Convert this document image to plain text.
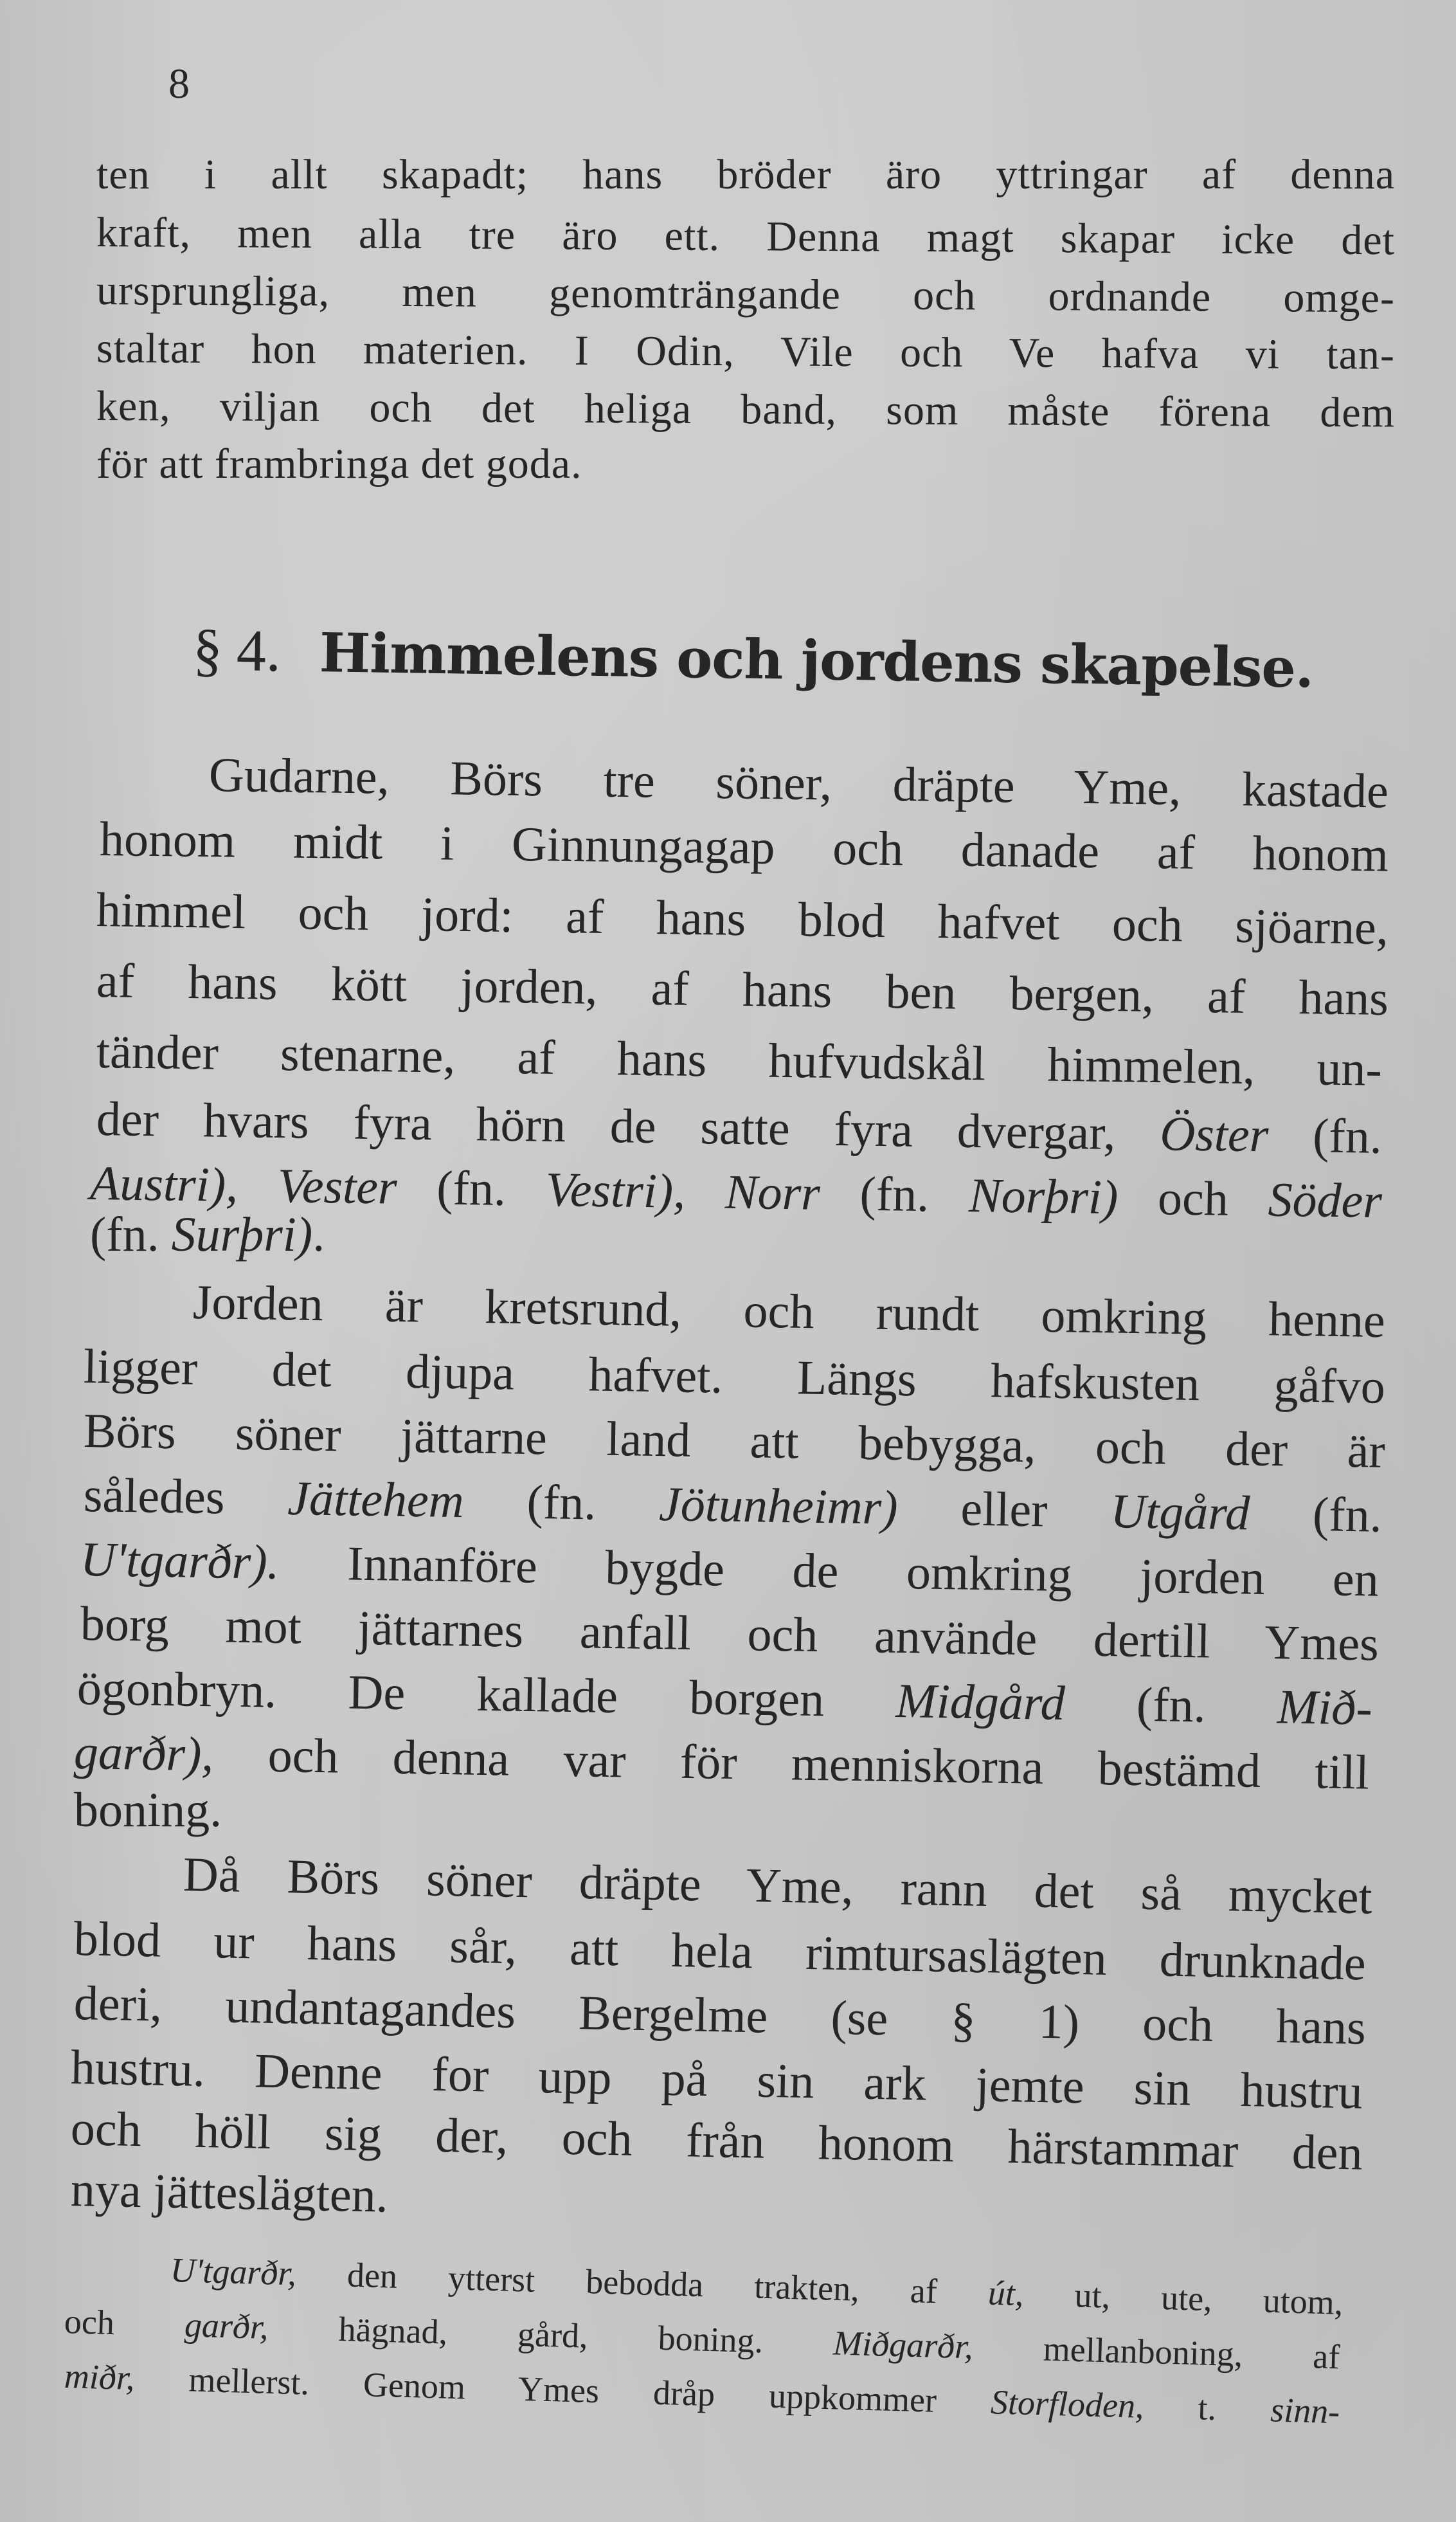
8
ten i allt skapadt; hans bröder äro yttringar af denna
kraft, men alla tre äro ett. Denna magt skapar icke det
ursprungliga, men genomträngande och ordnande omge-
staltar hon materien. I Odin, Vile och Ve hafva vi tan-
ken, viljan och det heliga band, som måste förena dem
för att frambringa det goda.
§ 4. Himmelens och jordens skapelse.
Gudarne, Börs tre söner, dräpte Yme, kastade
honom midt i Ginnungagap och danade af honom
himmel och jord: af hans blod hafvet och sjöarne,
af hans kött jorden, af hans ben bergen, af hans
tänder stenarne, af hans hufvudskål himmelen, un-
der hvars fyra hörn de satte fyra dvergar, Öster (fn.
Austri), Vester (fn. Vestri), Norr (fn. Norþri) och Söder
(fn. Surþri).
Jorden är kretsrund, och rundt omkring henne
ligger det djupa hafvet. Längs hafskusten gåfvo
Börs söner jättarne land att bebygga, och der är
således Jättehem (fn. Jötunheimr) eller Utgård (fn.
U'tgarðr). Innanföre bygde de omkring jorden en
borg mot jättarnes anfall och använde dertill Ymes
ögonbryn. De kallade borgen Midgård (fn. Mið-
garðr), och denna var för menniskorna bestämd till
boning.
Då Börs söner dräpte Yme, rann det så mycket
blod ur hans sår, att hela rimtursaslägten drunknade
deri, undantagandes Bergelme (se § 1) och hans
hustru. Denne for upp på sin ark jemte sin hustru
och höll sig der, och från honom härstammar den
nya jätteslägten.
U'tgarðr, den ytterst bebodda trakten, af út, ut, ute, utom,
och garðr, hägnad, gård, boning. Miðgarðr, mellanboning, af
miðr, mellerst. Genom Ymes dråp uppkommer Storfloden, t. sinn-
